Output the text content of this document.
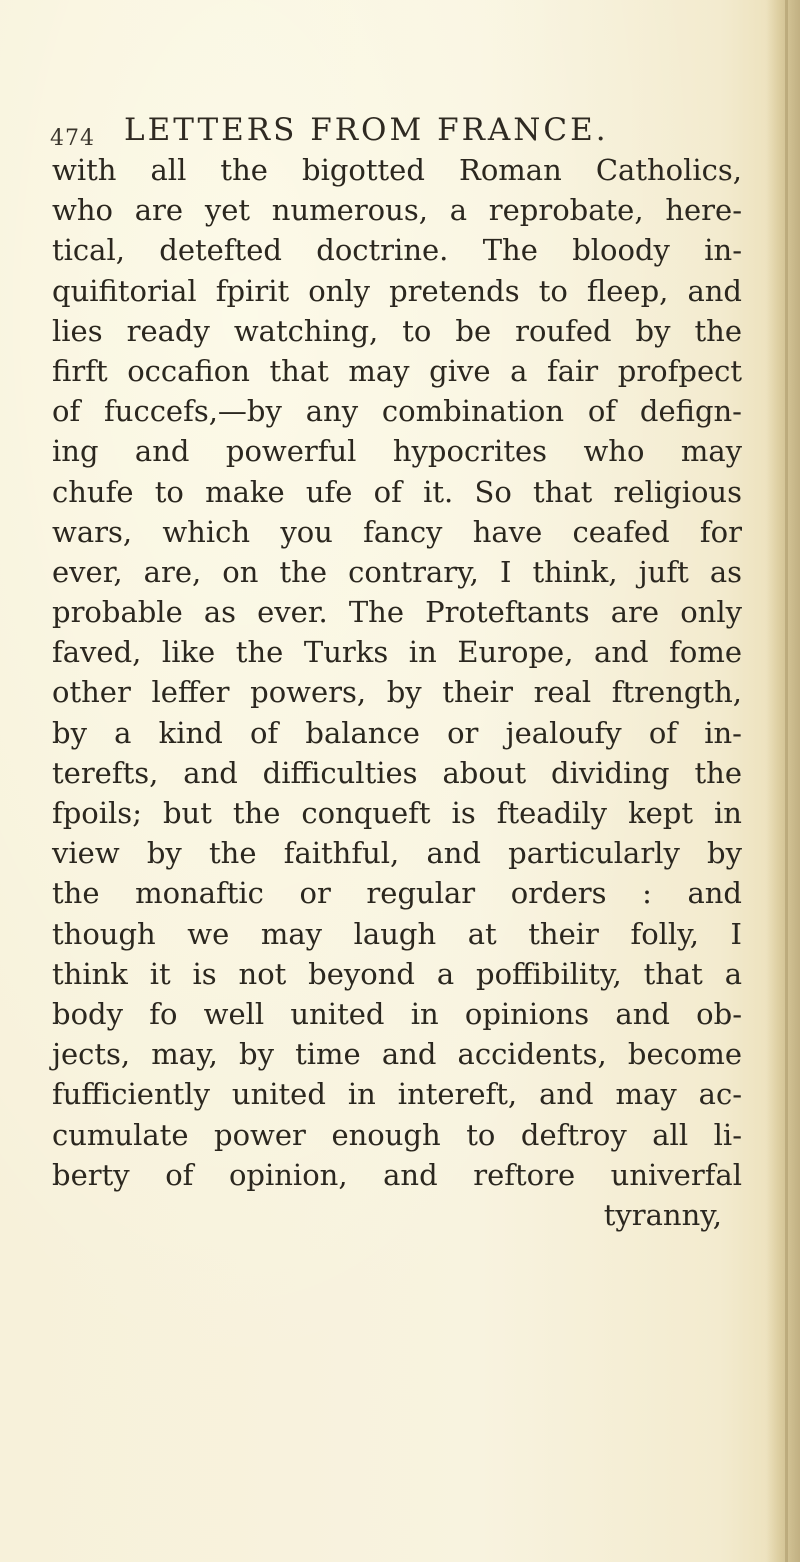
474 LETTERS FROM FRANCE.
with all the bigotted Roman Catholics,
who are yet numerous, a reprobate, here-
tical, detefted doctrine. The bloody in-
quifitorial fpirit only pretends to fleep, and
lies ready watching, to be roufed by the
firft occafion that may give a fair profpect
of fuccefs,—by any combination of defign-
ing and powerful hypocrites who may
chufe to make ufe of it. So that religious
wars, which you fancy have ceafed for
ever, are, on the contrary, I think, juft as
probable as ever. The Proteftants are only
faved, like the Turks in Europe, and fome
other leffer powers, by their real ftrength,
by a kind of balance or jealoufy of in-
terefts, and difficulties about dividing the
fpoils; but the conqueft is fteadily kept in
view by the faithful, and particularly by
the monaftic or regular orders : and
though we may laugh at their folly, I
think it is not beyond a poffibility, that a
body fo well united in opinions and ob-
jects, may, by time and accidents, become
fufficiently united in intereft, and may ac-
cumulate power enough to deftroy all li-
berty of opinion, and reftore univerfal
tyranny,
